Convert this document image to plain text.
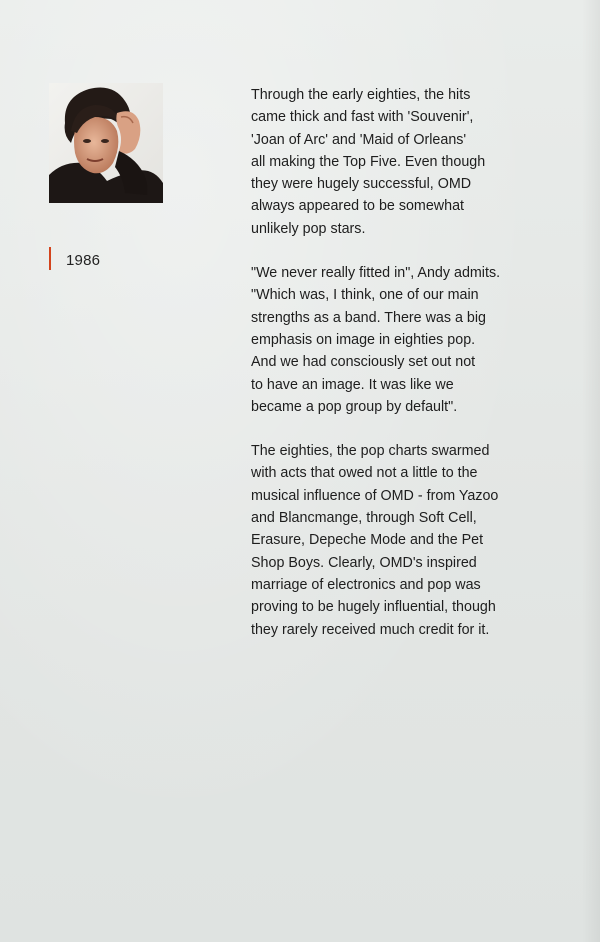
1986

Through the early eighties, the hits
came thick and fast with 'Souvenir',
'Joan of Arc' and 'Maid of Orleans'
all making the Top Five. Even though
they were hugely successful, OMD
always appeared to be somewhat
unlikely pop stars.

"We never really fitted in", Andy admits.
"Which was, I think, one of our main
strengths as a band. There was a big
emphasis on image in eighties pop.
And we had consciously set out not
to have an image. It was like we
became a pop group by default".

The eighties, the pop charts swarmed
with acts that owed not a little to the
musical influence of OMD - from Yazoo
and Blancmange, through Soft Cell,
Erasure, Depeche Mode and the Pet
Shop Boys. Clearly, OMD's inspired
marriage of electronics and pop was
proving to be hugely influential, though
they rarely received much credit for it.
